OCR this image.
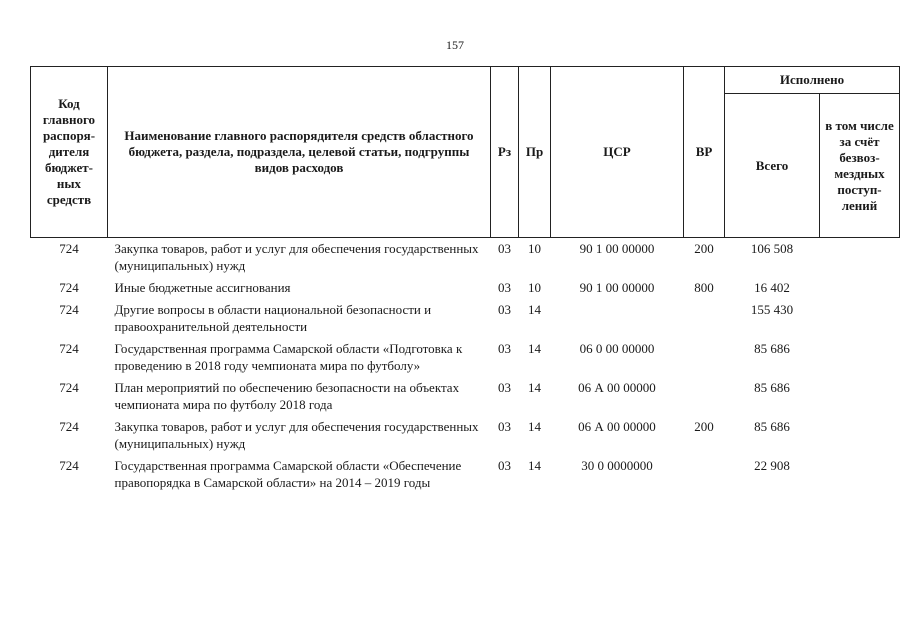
157
Код главного распоря-дителя бюджет-ных средств	Наименование главного распорядителя средств областного бюджета, раздела, подраздела, целевой статьи, подгруппы видов расходов	Рз	Пр	ЦСР	ВР	Исполнено	
						Всего	в том числе за счёт безвоз-мездных поступ-лений
724	Закупка товаров, работ и услуг для обеспечения государственных (муниципальных) нужд	03	10	90 1 00 00000	200	106 508	
724	Иные бюджетные ассигнования	03	10	90 1 00 00000	800	16 402	
724	Другие вопросы в области национальной безопасности и правоохранительной деятельности	03	14			155 430	
724	Государственная программа Самарской области «Подготовка к проведению в 2018 году чемпионата мира по футболу»	03	14	06 0 00 00000		85 686	
724	План мероприятий по обеспечению безопасности на объектах чемпионата мира по футболу 2018 года	03	14	06 А 00 00000		85 686	
724	Закупка товаров, работ и услуг для обеспечения государственных (муниципальных) нужд	03	14	06 А 00 00000	200	85 686	
724	Государственная программа Самарской области «Обеспечение правопорядка в Самарской области» на 2014 – 2019 годы	03	14	30 0 0000000		22 908	
